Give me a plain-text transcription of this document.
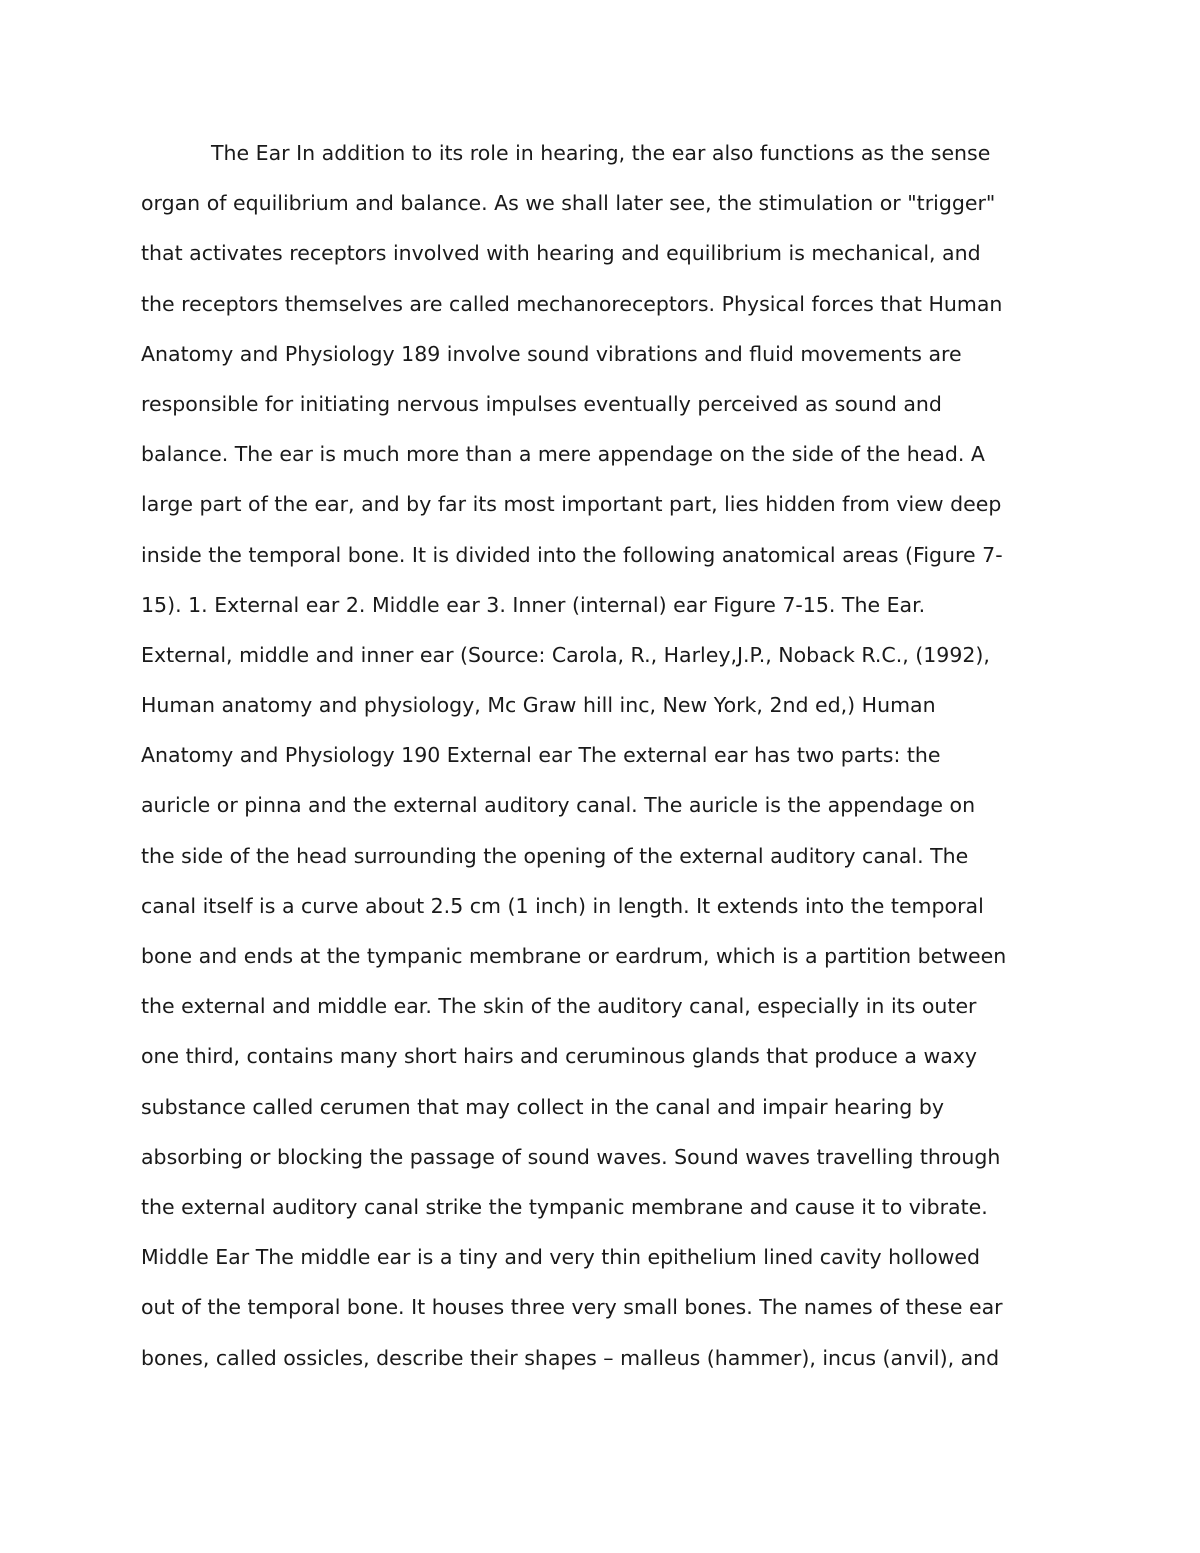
The Ear In addition to its role in hearing, the ear also functions as the sense
organ of equilibrium and balance. As we shall later see, the stimulation or "trigger"
that activates receptors involved with hearing and equilibrium is mechanical, and
the receptors themselves are called mechanoreceptors. Physical forces that Human
Anatomy and Physiology 189 involve sound vibrations and fluid movements are
responsible for initiating nervous impulses eventually perceived as sound and
balance. The ear is much more than a mere appendage on the side of the head. A
large part of the ear, and by far its most important part, lies hidden from view deep
inside the temporal bone. It is divided into the following anatomical areas (Figure 7-
15). 1. External ear 2. Middle ear 3. Inner (internal) ear Figure 7-15. The Ear.
External, middle and inner ear (Source: Carola, R., Harley,J.P., Noback R.C., (1992),
Human anatomy and physiology, Mc Graw hill inc, New York, 2nd ed,) Human
Anatomy and Physiology 190 External ear The external ear has two parts: the
auricle or pinna and the external auditory canal. The auricle is the appendage on
the side of the head surrounding the opening of the external auditory canal. The
canal itself is a curve about 2.5 cm (1 inch) in length. It extends into the temporal
bone and ends at the tympanic membrane or eardrum, which is a partition between
the external and middle ear. The skin of the auditory canal, especially in its outer
one third, contains many short hairs and ceruminous glands that produce a waxy
substance called cerumen that may collect in the canal and impair hearing by
absorbing or blocking the passage of sound waves. Sound waves travelling through
the external auditory canal strike the tympanic membrane and cause it to vibrate.
Middle Ear The middle ear is a tiny and very thin epithelium lined cavity hollowed
out of the temporal bone. It houses three very small bones. The names of these ear
bones, called ossicles, describe their shapes – malleus (hammer), incus (anvil), and
